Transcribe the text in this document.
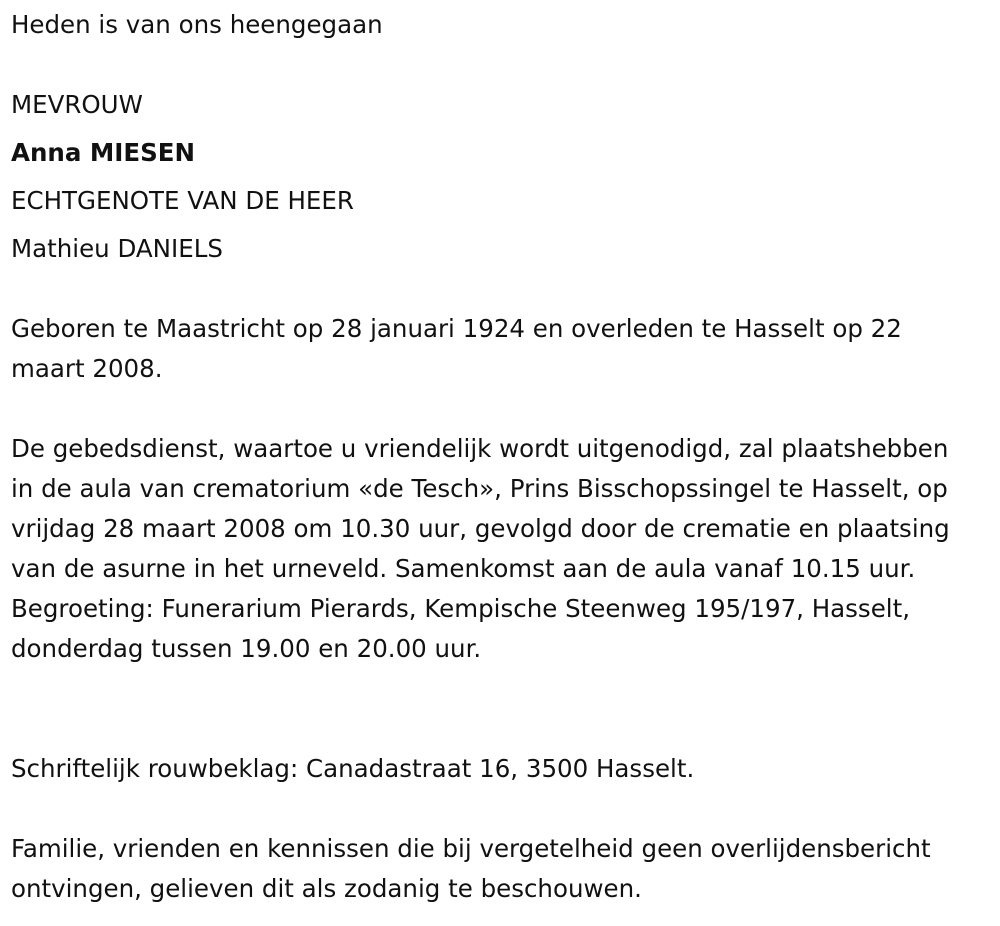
Heden is van ons heengegaan
MEVROUW
Anna MIESEN
ECHTGENOTE VAN DE HEER
Mathieu DANIELS

Geboren te Maastricht op 28 januari 1924 en overleden te Hasselt op 22 maart 2008.

De gebedsdienst, waartoe u vriendelijk wordt uitgenodigd, zal plaatshebben in de aula van crematorium «de Tesch», Prins Bisschopssingel te Hasselt, op vrijdag 28 maart 2008 om 10.30 uur, gevolgd door de crematie en plaatsing van de asurne in het urneveld. Samenkomst aan de aula vanaf 10.15 uur. Begroeting: Funerarium Pierards, Kempische Steenweg 195/197, Hasselt, donderdag tussen 19.00 en 20.00 uur.

Schriftelijk rouwbeklag: Canadastraat 16, 3500 Hasselt.

Familie, vrienden en kennissen die bij vergetelheid geen overlijdensbericht ontvingen, gelieven dit als zodanig te beschouwen.
